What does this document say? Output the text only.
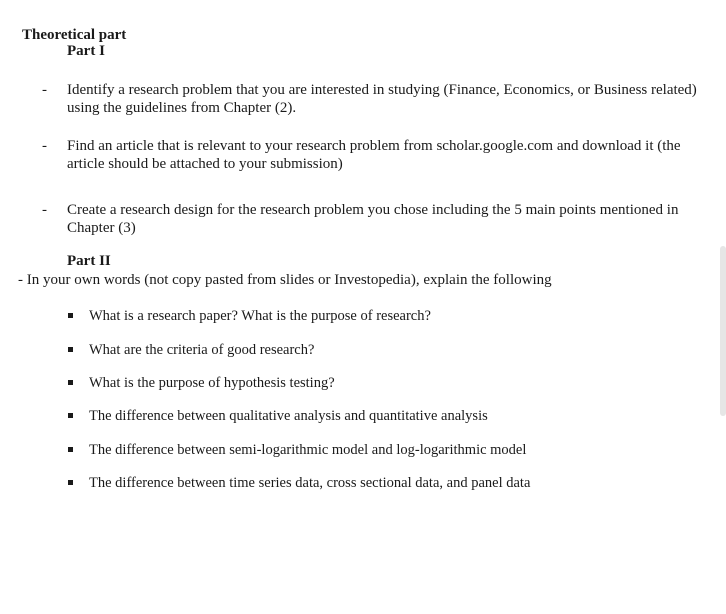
Theoretical part
Part I
-	Identify a research problem that you are interested in studying (Finance, Economics, or Business related) using the guidelines from Chapter (2).
-	Find an article that is relevant to your research problem from scholar.google.com and download it (the article should be attached to your submission)
-	Create a research design for the research problem you chose including the 5 main points mentioned in Chapter (3)
Part II
- In your own words (not copy pasted from slides or Investopedia), explain the following
What is a research paper? What is the purpose of research?
What are the criteria of good research?
What is the purpose of hypothesis testing?
The difference between qualitative analysis and quantitative analysis
The difference between semi-logarithmic model and log-logarithmic model
The difference between time series data, cross sectional data, and panel data
